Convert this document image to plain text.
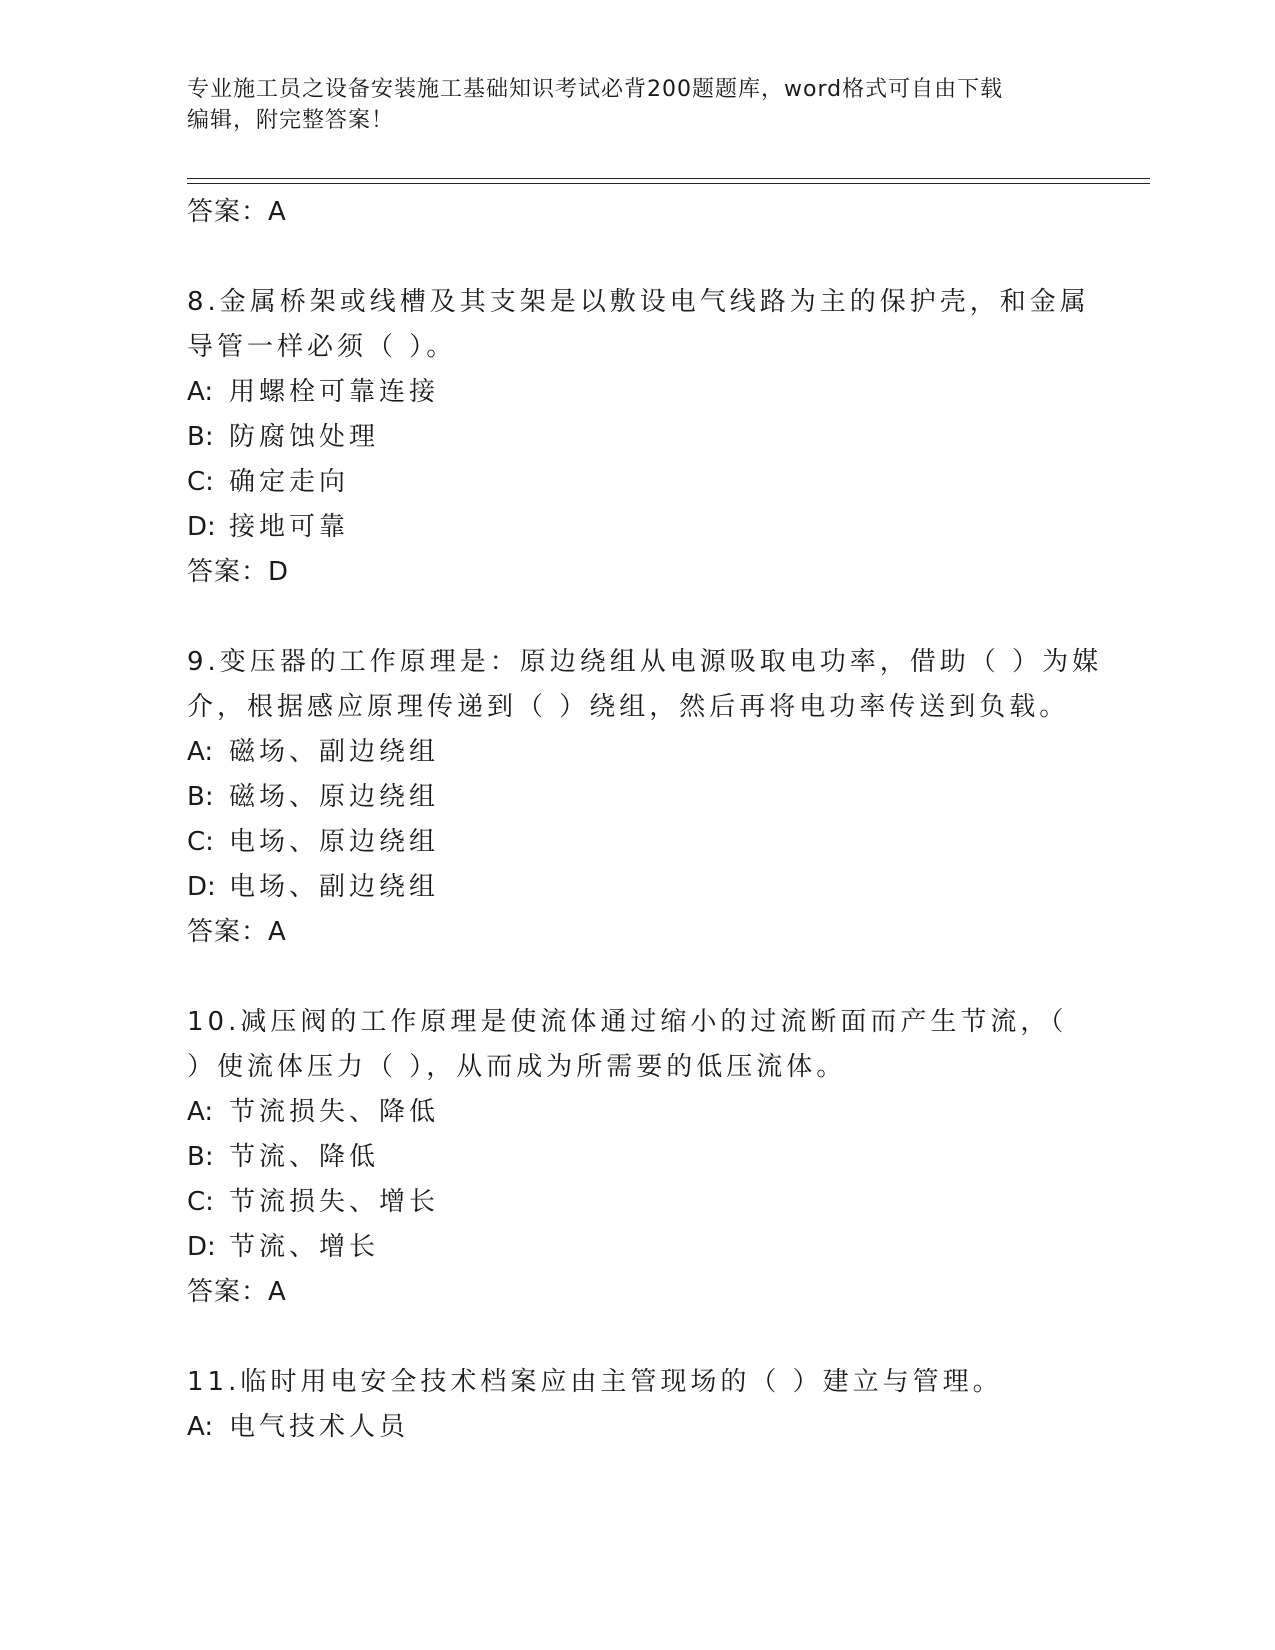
专业施工员之设备安装施工基础知识考试必背200题题库，word格式可自由下载
编辑，附完整答案！
答案：A
8.金属桥架或线槽及其支架是以敷设电气线路为主的保护壳，和金属
导管一样必须（ ）。
A: 用螺栓可靠连接
B: 防腐蚀处理
C: 确定走向
D: 接地可靠
答案：D
9.变压器的工作原理是：原边绕组从电源吸取电功率，借助（ ）为媒
介，根据感应原理传递到（ ）绕组，然后再将电功率传送到负载。
A: 磁场、副边绕组
B: 磁场、原边绕组
C: 电场、原边绕组
D: 电场、副边绕组
答案：A
10.减压阀的工作原理是使流体通过缩小的过流断面而产生节流，（
）使流体压力（ ），从而成为所需要的低压流体。
A: 节流损失、降低
B: 节流、降低
C: 节流损失、增长
D: 节流、增长
答案：A
11.临时用电安全技术档案应由主管现场的（ ）建立与管理。
A: 电气技术人员
